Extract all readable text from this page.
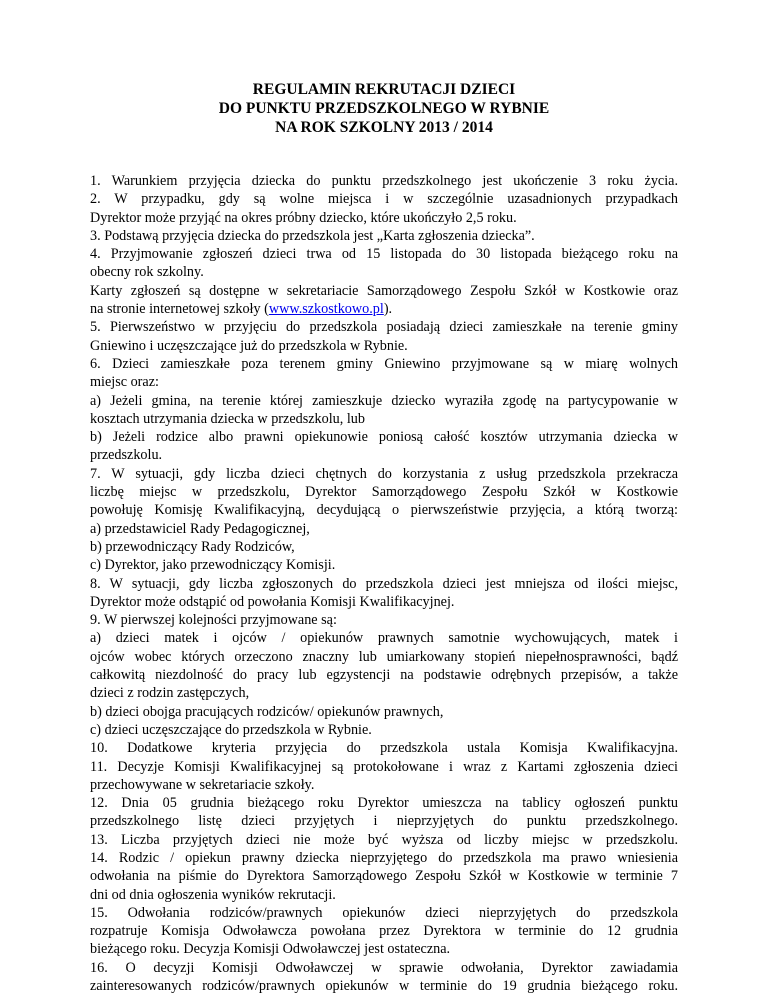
REGULAMIN REKRUTACJI DZIECI
DO PUNKTU PRZEDSZKOLNEGO W RYBNIE
NA ROK SZKOLNY 2013 / 2014
1. Warunkiem przyjęcia dziecka do punktu przedszkolnego jest ukończenie 3 roku życia.
2. W przypadku, gdy są wolne miejsca i w szczególnie uzasadnionych przypadkach
Dyrektor może przyjąć na okres próbny dziecko, które ukończyło 2,5 roku.
3. Podstawą przyjęcia dziecka do przedszkola jest „Karta zgłoszenia dziecka”.
4. Przyjmowanie zgłoszeń dzieci trwa od 15 listopada do 30 listopada bieżącego roku na
obecny rok szkolny.
Karty zgłoszeń są dostępne w sekretariacie Samorządowego Zespołu Szkół w Kostkowie oraz
na stronie internetowej szkoły (www.szkostkowo.pl).
5. Pierwszeństwo w przyjęciu do przedszkola posiadają dzieci zamieszkałe na terenie gminy
Gniewino i uczęszczające już do przedszkola w Rybnie.
6. Dzieci zamieszkałe poza terenem gminy Gniewino przyjmowane są w miarę wolnych
miejsc oraz:
a) Jeżeli gmina, na terenie której zamieszkuje dziecko wyraziła zgodę na partycypowanie w
kosztach utrzymania dziecka w przedszkolu, lub
b) Jeżeli rodzice albo prawni opiekunowie poniosą całość kosztów utrzymania dziecka w
przedszkolu.
7. W sytuacji, gdy liczba dzieci chętnych do korzystania z usług przedszkola przekracza
liczbę miejsc w przedszkolu, Dyrektor Samorządowego Zespołu Szkół w Kostkowie
powołuję Komisję Kwalifikacyjną, decydującą o pierwszeństwie przyjęcia, a którą tworzą:
a) przedstawiciel Rady Pedagogicznej,
b) przewodniczący Rady Rodziców,
c) Dyrektor, jako przewodniczący Komisji.
8. W sytuacji, gdy liczba zgłoszonych do przedszkola dzieci jest mniejsza od ilości miejsc,
Dyrektor może odstąpić od powołania Komisji Kwalifikacyjnej.
9. W pierwszej kolejności przyjmowane są:
a) dzieci matek i ojców / opiekunów prawnych samotnie wychowujących, matek i
ojców wobec których orzeczono znaczny lub umiarkowany stopień niepełnosprawności, bądź
całkowitą niezdolność do pracy lub egzystencji na podstawie odrębnych przepisów, a także
dzieci z rodzin zastępczych,
b) dzieci obojga pracujących rodziców/ opiekunów prawnych,
c) dzieci uczęszczające do przedszkola w Rybnie.
10. Dodatkowe kryteria przyjęcia do przedszkola ustala Komisja Kwalifikacyjna.
11. Decyzje Komisji Kwalifikacyjnej są protokołowane i wraz z Kartami zgłoszenia dzieci
przechowywane w sekretariacie szkoły.
12. Dnia 05 grudnia bieżącego roku Dyrektor umieszcza na tablicy ogłoszeń punktu
przedszkolnego listę dzieci przyjętych i nieprzyjętych do punktu przedszkolnego.
13. Liczba przyjętych dzieci nie może być wyższa od liczby miejsc w przedszkolu.
14. Rodzic / opiekun prawny dziecka nieprzyjętego do przedszkola ma prawo wniesienia
odwołania na piśmie do Dyrektora Samorządowego Zespołu Szkół w Kostkowie w terminie 7
dni od dnia ogłoszenia wyników rekrutacji.
15. Odwołania rodziców/prawnych opiekunów dzieci nieprzyjętych do przedszkola
rozpatruje Komisja Odwoławcza powołana przez Dyrektora w terminie do 12 grudnia
bieżącego roku. Decyzja Komisji Odwoławczej jest ostateczna.
16. O decyzji Komisji Odwoławczej w sprawie odwołania, Dyrektor zawiadamia
zainteresowanych rodziców/prawnych opiekunów w terminie do 19 grudnia bieżącego roku.
